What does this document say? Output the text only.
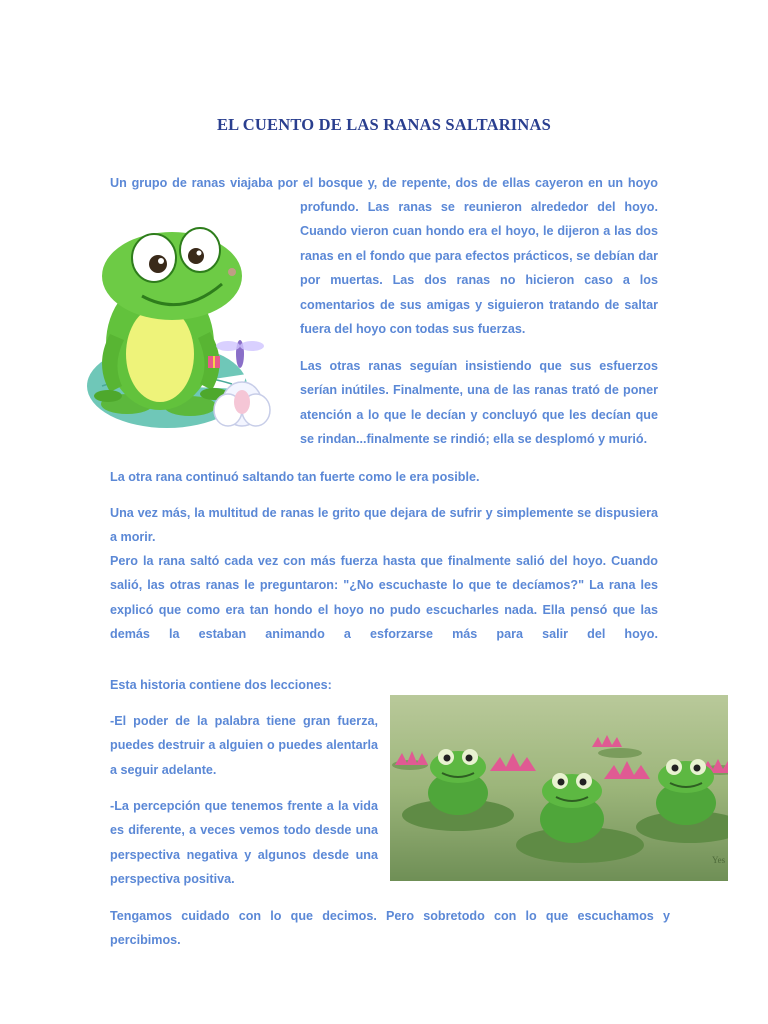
EL CUENTO DE LAS RANAS SALTARINAS

Un grupo de ranas viajaba por el bosque y, de repente, dos de ellas cayeron en un hoyo

profundo. Las ranas se reunieron alrededor del hoyo. Cuando vieron cuan hondo era el hoyo, le dijeron a las dos ranas en el fondo que para efectos prácticos, se debían dar por muertas. Las dos ranas no hicieron caso a los comentarios de sus amigas y siguieron tratando de saltar fuera del hoyo con todas sus fuerzas.

Las otras ranas seguían insistiendo que sus esfuerzos serían inútiles. Finalmente, una de las ranas trató de poner atención a lo que le decían y concluyó que les decían que se rindan...finalmente se rindió; ella se desplomó y murió.

La otra rana continuó saltando tan fuerte como le era posible.

Una vez más, la multitud de ranas le grito que dejara de sufrir y simplemente se dispusiera a morir.

Pero la rana saltó cada vez con más fuerza hasta que finalmente salió del hoyo. Cuando salió, las otras ranas le preguntaron: "¿No escuchaste lo que te decíamos?" La rana les explicó que como era tan hondo el hoyo no pudo escucharles nada. Ella pensó que las demás la estaban animando a esforzarse más para salir del hoyo.

Esta historia contiene dos lecciones:

-El poder de la palabra tiene gran fuerza, puedes destruir a alguien o puedes alentarla a seguir adelante.

-La percepción que tenemos frente a la vida es diferente, a veces vemos todo desde una perspectiva negativa y algunos desde una perspectiva positiva.

Yes

Tengamos cuidado con lo que decimos. Pero sobretodo con lo que escuchamos y percibimos.
